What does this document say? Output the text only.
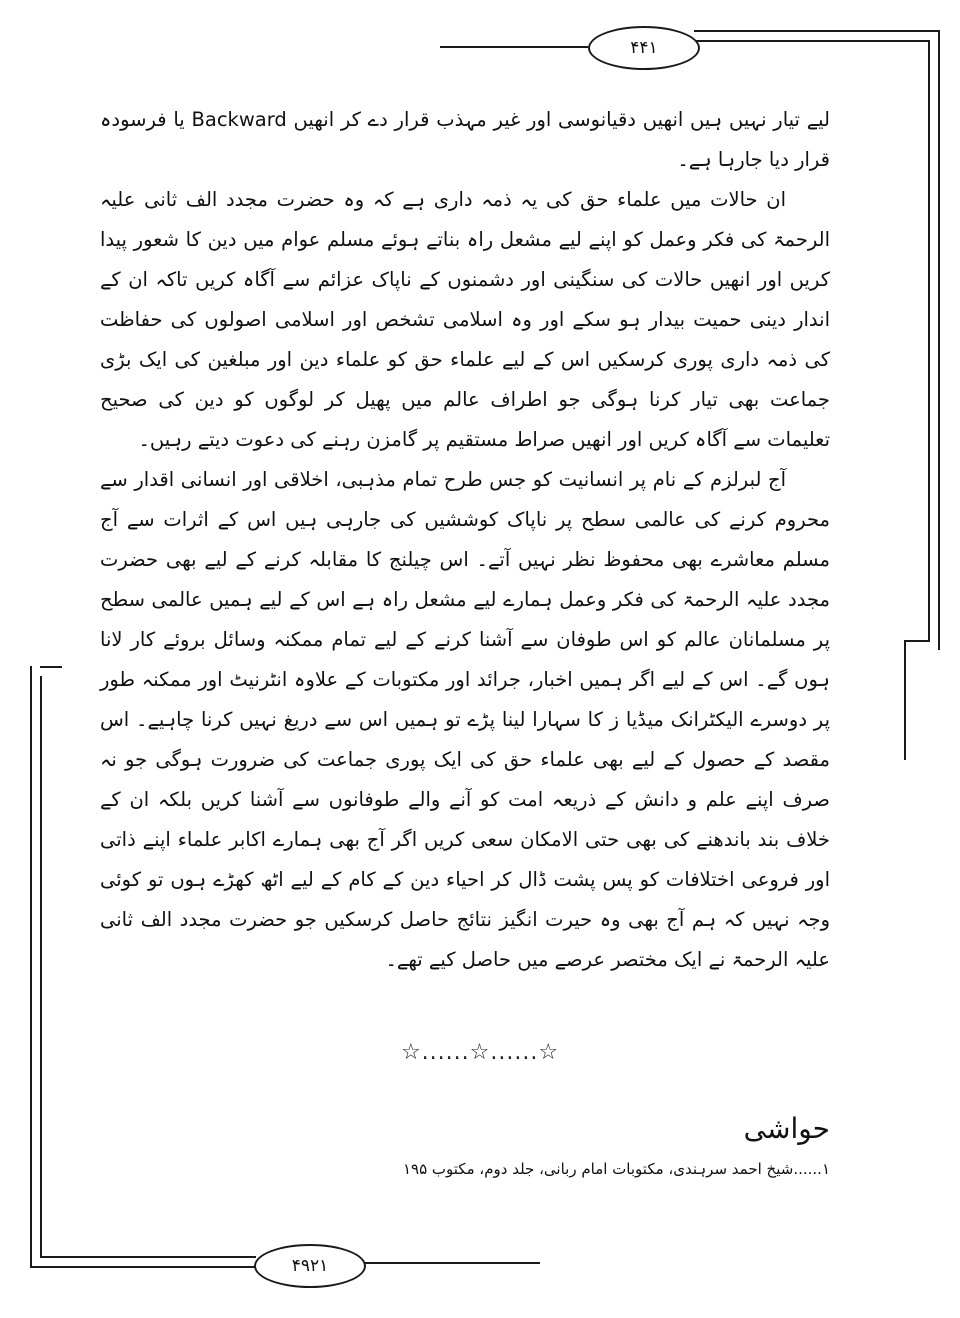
۴۴۱
۴۹۲۱

لیے تیار نہیں ہیں انھیں دقیانوسی اور غیر مہذب قرار دے کر انھیں Backward یا فرسودہ قرار دیا جارہا ہے۔

ان حالات میں علماء حق کی یہ ذمہ داری ہے کہ وہ حضرت مجدد الف ثانی علیہ الرحمۃ کی فکر وعمل کو اپنے لیے مشعل راہ بناتے ہوئے مسلم عوام میں دین کا شعور پیدا کریں اور انھیں حالات کی سنگینی اور دشمنوں کے ناپاک عزائم سے آگاہ کریں تاکہ ان کے اندار دینی حمیت بیدار ہو سکے اور وہ اسلامی تشخص اور اسلامی اصولوں کی حفاظت کی ذمہ داری پوری کرسکیں اس کے لیے علماء حق کو علماء دین اور مبلغین کی ایک بڑی جماعت بھی تیار کرنا ہوگی جو اطراف عالم میں پھیل کر لوگوں کو دین کی صحیح تعلیمات سے آگاہ کریں اور انھیں صراط مستقیم پر گامزن رہنے کی دعوت دیتے رہیں۔

آج لبرلزم کے نام پر انسانیت کو جس طرح تمام مذہبی، اخلاقی اور انسانی اقدار سے محروم کرنے کی عالمی سطح پر ناپاک کوششیں کی جارہی ہیں اس کے اثرات سے آج مسلم معاشرے بھی محفوظ نظر نہیں آتے۔ اس چیلنج کا مقابلہ کرنے کے لیے بھی حضرت مجدد علیہ الرحمۃ کی فکر وعمل ہمارے لیے مشعل راہ ہے اس کے لیے ہمیں عالمی سطح پر مسلمانان عالم کو اس طوفان سے آشنا کرنے کے لیے تمام ممکنہ وسائل بروئے کار لانا ہوں گے۔ اس کے لیے اگر ہمیں اخبار، جرائد اور مکتوبات کے علاوہ انٹرنیٹ اور ممکنہ طور پر دوسرے الیکٹرانک میڈیا ز کا سہارا لینا پڑے تو ہمیں اس سے دریغ نہیں کرنا چاہیے۔ اس مقصد کے حصول کے لیے بھی علماء حق کی ایک پوری جماعت کی ضرورت ہوگی جو نہ صرف اپنے علم و دانش کے ذریعہ امت کو آنے والے طوفانوں سے آشنا کریں بلکہ ان کے خلاف بند باندھنے کی بھی حتی الامکان سعی کریں اگر آج بھی ہمارے اکابر علماء اپنے ذاتی اور فروعی اختلافات کو پس پشت ڈال کر احیاء دین کے کام کے لیے اٹھ کھڑے ہوں تو کوئی وجہ نہیں کہ ہم آج بھی وہ حیرت انگیز نتائج حاصل کرسکیں جو حضرت مجدد الف ثانی علیہ الرحمۃ نے ایک مختصر عرصے میں حاصل کیے تھے۔

☆......☆......☆
حواشی
۱......شیخ احمد سرہندی، مکتوبات امام ربانی، جلد دوم، مکتوب ۱۹۵
